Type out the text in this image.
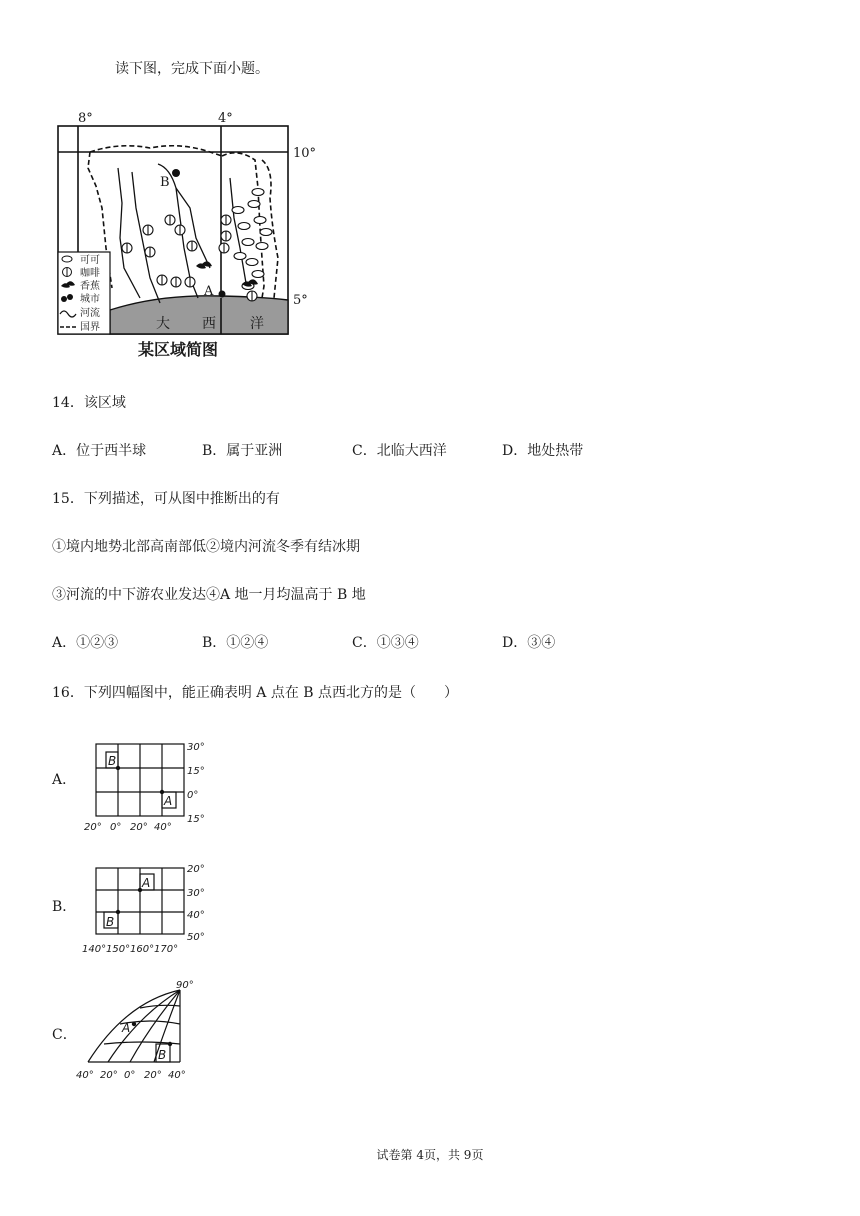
读下图，完成下面小题。
B
A
8°	4°
10°
5°
大 西 洋
可可
咖啡
香蕉
城市
河流
国界
某区域简图
14．该区域
A．位于西半球	B．属于亚洲	C．北临大西洋	D．地处热带
15．下列描述，可从图中推断出的有
①境内地势北部高南部低②境内河流冬季有结冰期
③河流的中下游农业发达④A 地一月均温高于 B 地
A．①②③	B．①②④	C．①③④	D．③④
16．下列四幅图中，能正确表明 A 点在 B 点西北方的是（　　）
A．
B
A
30°
15°
0°
15°
20° 0° 20° 40°
B．
A
B
20°
30°
40°
50°
140° 150° 160° 170°
C．	A
B
90°
40° 20° 0° 20° 40°
试卷第 4页，共 9页
